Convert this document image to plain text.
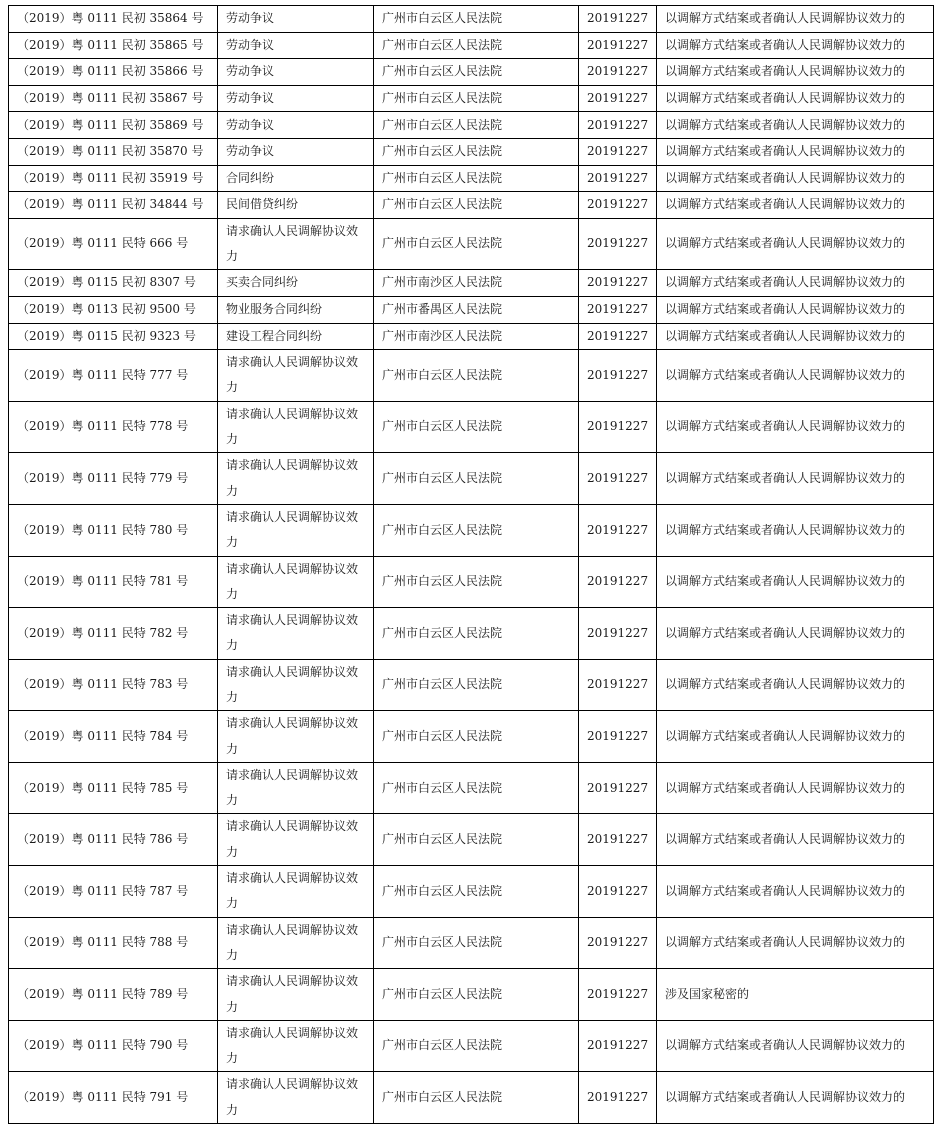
（2019）粤 0111 民初 35864 号	劳动争议	广州市白云区人民法院	20191227	以调解方式结案或者确认人民调解协议效力的
（2019）粤 0111 民初 35865 号	劳动争议	广州市白云区人民法院	20191227	以调解方式结案或者确认人民调解协议效力的
（2019）粤 0111 民初 35866 号	劳动争议	广州市白云区人民法院	20191227	以调解方式结案或者确认人民调解协议效力的
（2019）粤 0111 民初 35867 号	劳动争议	广州市白云区人民法院	20191227	以调解方式结案或者确认人民调解协议效力的
（2019）粤 0111 民初 35869 号	劳动争议	广州市白云区人民法院	20191227	以调解方式结案或者确认人民调解协议效力的
（2019）粤 0111 民初 35870 号	劳动争议	广州市白云区人民法院	20191227	以调解方式结案或者确认人民调解协议效力的
（2019）粤 0111 民初 35919 号	合同纠纷	广州市白云区人民法院	20191227	以调解方式结案或者确认人民调解协议效力的
（2019）粤 0111 民初 34844 号	民间借贷纠纷	广州市白云区人民法院	20191227	以调解方式结案或者确认人民调解协议效力的
（2019）粤 0111 民特 666 号	请求确认人民调解协议效力	广州市白云区人民法院	20191227	以调解方式结案或者确认人民调解协议效力的
（2019）粤 0115 民初 8307 号	买卖合同纠纷	广州市南沙区人民法院	20191227	以调解方式结案或者确认人民调解协议效力的
（2019）粤 0113 民初 9500 号	物业服务合同纠纷	广州市番禺区人民法院	20191227	以调解方式结案或者确认人民调解协议效力的
（2019）粤 0115 民初 9323 号	建设工程合同纠纷	广州市南沙区人民法院	20191227	以调解方式结案或者确认人民调解协议效力的
（2019）粤 0111 民特 777 号	请求确认人民调解协议效力	广州市白云区人民法院	20191227	以调解方式结案或者确认人民调解协议效力的
（2019）粤 0111 民特 778 号	请求确认人民调解协议效力	广州市白云区人民法院	20191227	以调解方式结案或者确认人民调解协议效力的
（2019）粤 0111 民特 779 号	请求确认人民调解协议效力	广州市白云区人民法院	20191227	以调解方式结案或者确认人民调解协议效力的
（2019）粤 0111 民特 780 号	请求确认人民调解协议效力	广州市白云区人民法院	20191227	以调解方式结案或者确认人民调解协议效力的
（2019）粤 0111 民特 781 号	请求确认人民调解协议效力	广州市白云区人民法院	20191227	以调解方式结案或者确认人民调解协议效力的
（2019）粤 0111 民特 782 号	请求确认人民调解协议效力	广州市白云区人民法院	20191227	以调解方式结案或者确认人民调解协议效力的
（2019）粤 0111 民特 783 号	请求确认人民调解协议效力	广州市白云区人民法院	20191227	以调解方式结案或者确认人民调解协议效力的
（2019）粤 0111 民特 784 号	请求确认人民调解协议效力	广州市白云区人民法院	20191227	以调解方式结案或者确认人民调解协议效力的
（2019）粤 0111 民特 785 号	请求确认人民调解协议效力	广州市白云区人民法院	20191227	以调解方式结案或者确认人民调解协议效力的
（2019）粤 0111 民特 786 号	请求确认人民调解协议效力	广州市白云区人民法院	20191227	以调解方式结案或者确认人民调解协议效力的
（2019）粤 0111 民特 787 号	请求确认人民调解协议效力	广州市白云区人民法院	20191227	以调解方式结案或者确认人民调解协议效力的
（2019）粤 0111 民特 788 号	请求确认人民调解协议效力	广州市白云区人民法院	20191227	以调解方式结案或者确认人民调解协议效力的
（2019）粤 0111 民特 789 号	请求确认人民调解协议效力	广州市白云区人民法院	20191227	涉及国家秘密的
（2019）粤 0111 民特 790 号	请求确认人民调解协议效力	广州市白云区人民法院	20191227	以调解方式结案或者确认人民调解协议效力的
（2019）粤 0111 民特 791 号	请求确认人民调解协议效力	广州市白云区人民法院	20191227	以调解方式结案或者确认人民调解协议效力的
